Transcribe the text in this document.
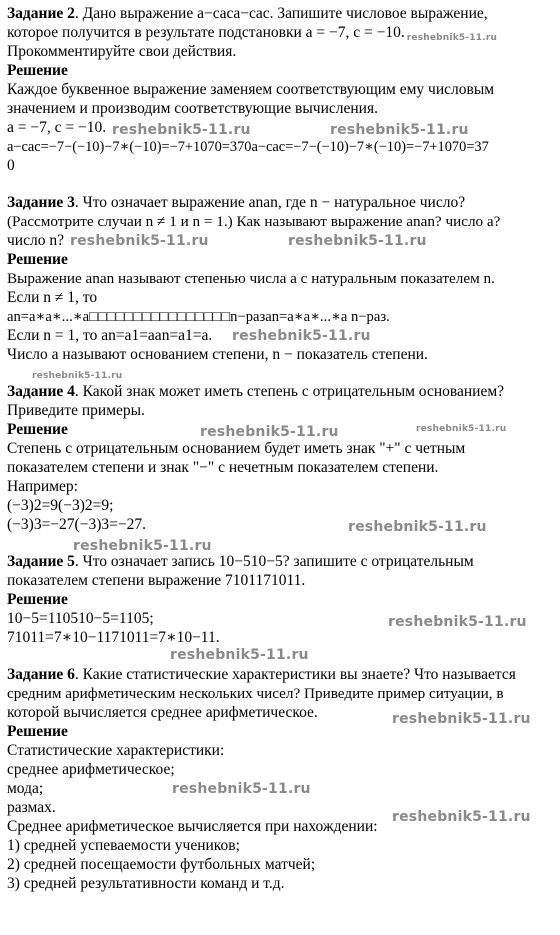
Задание 2. Дано выражение a−caca−cac. Запишите числовое выражение,
которое получится в результате подстановки a = −7, c = −10. reshebnik5-11.ru
Прокомментируйте свои действия.
Решение
Каждое буквенное выражение заменяем соответствующим ему числовым
значением и производим соответствующие вычисления.
a = −7, c = −10.
a−cac=−7−(−10)−7∗(−10)=−7+1070=370a−cac=−7−(−10)−7∗(−10)=−7+1070=37
0
Задание 3. Что означает выражение anan, где n − натуральное число?
(Рассмотрите случаи n ≠ 1 и n = 1.) Как называют выражение anan? число a?
число n?
Решение
Выражение anan называют степенью числа a с натуральным показателем n.
Если n ≠ 1, то
an=a∗a∗...∗a□□□□□□□□□□□□□□□□n−разan=a∗a∗...∗a n−раз.
Если n = 1, то an=a1=aan=a1=a.
Число a называют основанием степени, n − показатель степени.
Задание 4. Какой знак может иметь степень с отрицательным основанием?
Приведите примеры.
Решение
Степень с отрицательным основанием будет иметь знак "+" с четным
показателем степени и знак "−" с нечетным показателем степени.
Например:
(−3)2=9(−3)2=9;
(−3)3=−27(−3)3=−27.
Задание 5. Что означает запись 10−510−5? запишите с отрицательным
показателем степени выражение 7101171011.
Решение
10−5=110510−5=1105;
71011=7∗10−1171011=7∗10−11.
Задание 6. Какие статистические характеристики вы знаете? Что называется
средним арифметическим нескольких чисел? Приведите пример ситуации, в
которой вычисляется среднее арифметическое.
Решение
Статистические характеристики:
среднее арифметическое;
мода;
размах.
Среднее арифметическое вычисляется при нахождении:
1) средней успеваемости учеников;
2) средней посещаемости футбольных матчей;
3) средней результативности команд и т.д.
reshebnik5-11.ru	reshebnik5-11.ru
reshebnik5-11.ru	reshebnik5-11.ru
reshebnik5-11.ru
reshebnik5-11.ru
reshebnik5-11.ru	reshebnik5-11.ru
reshebnik5-11.ru
reshebnik5-11.ru
reshebnik5-11.ru
reshebnik5-11.ru
reshebnik5-11.ru
reshebnik5-11.ru
reshebnik5-11.ru
